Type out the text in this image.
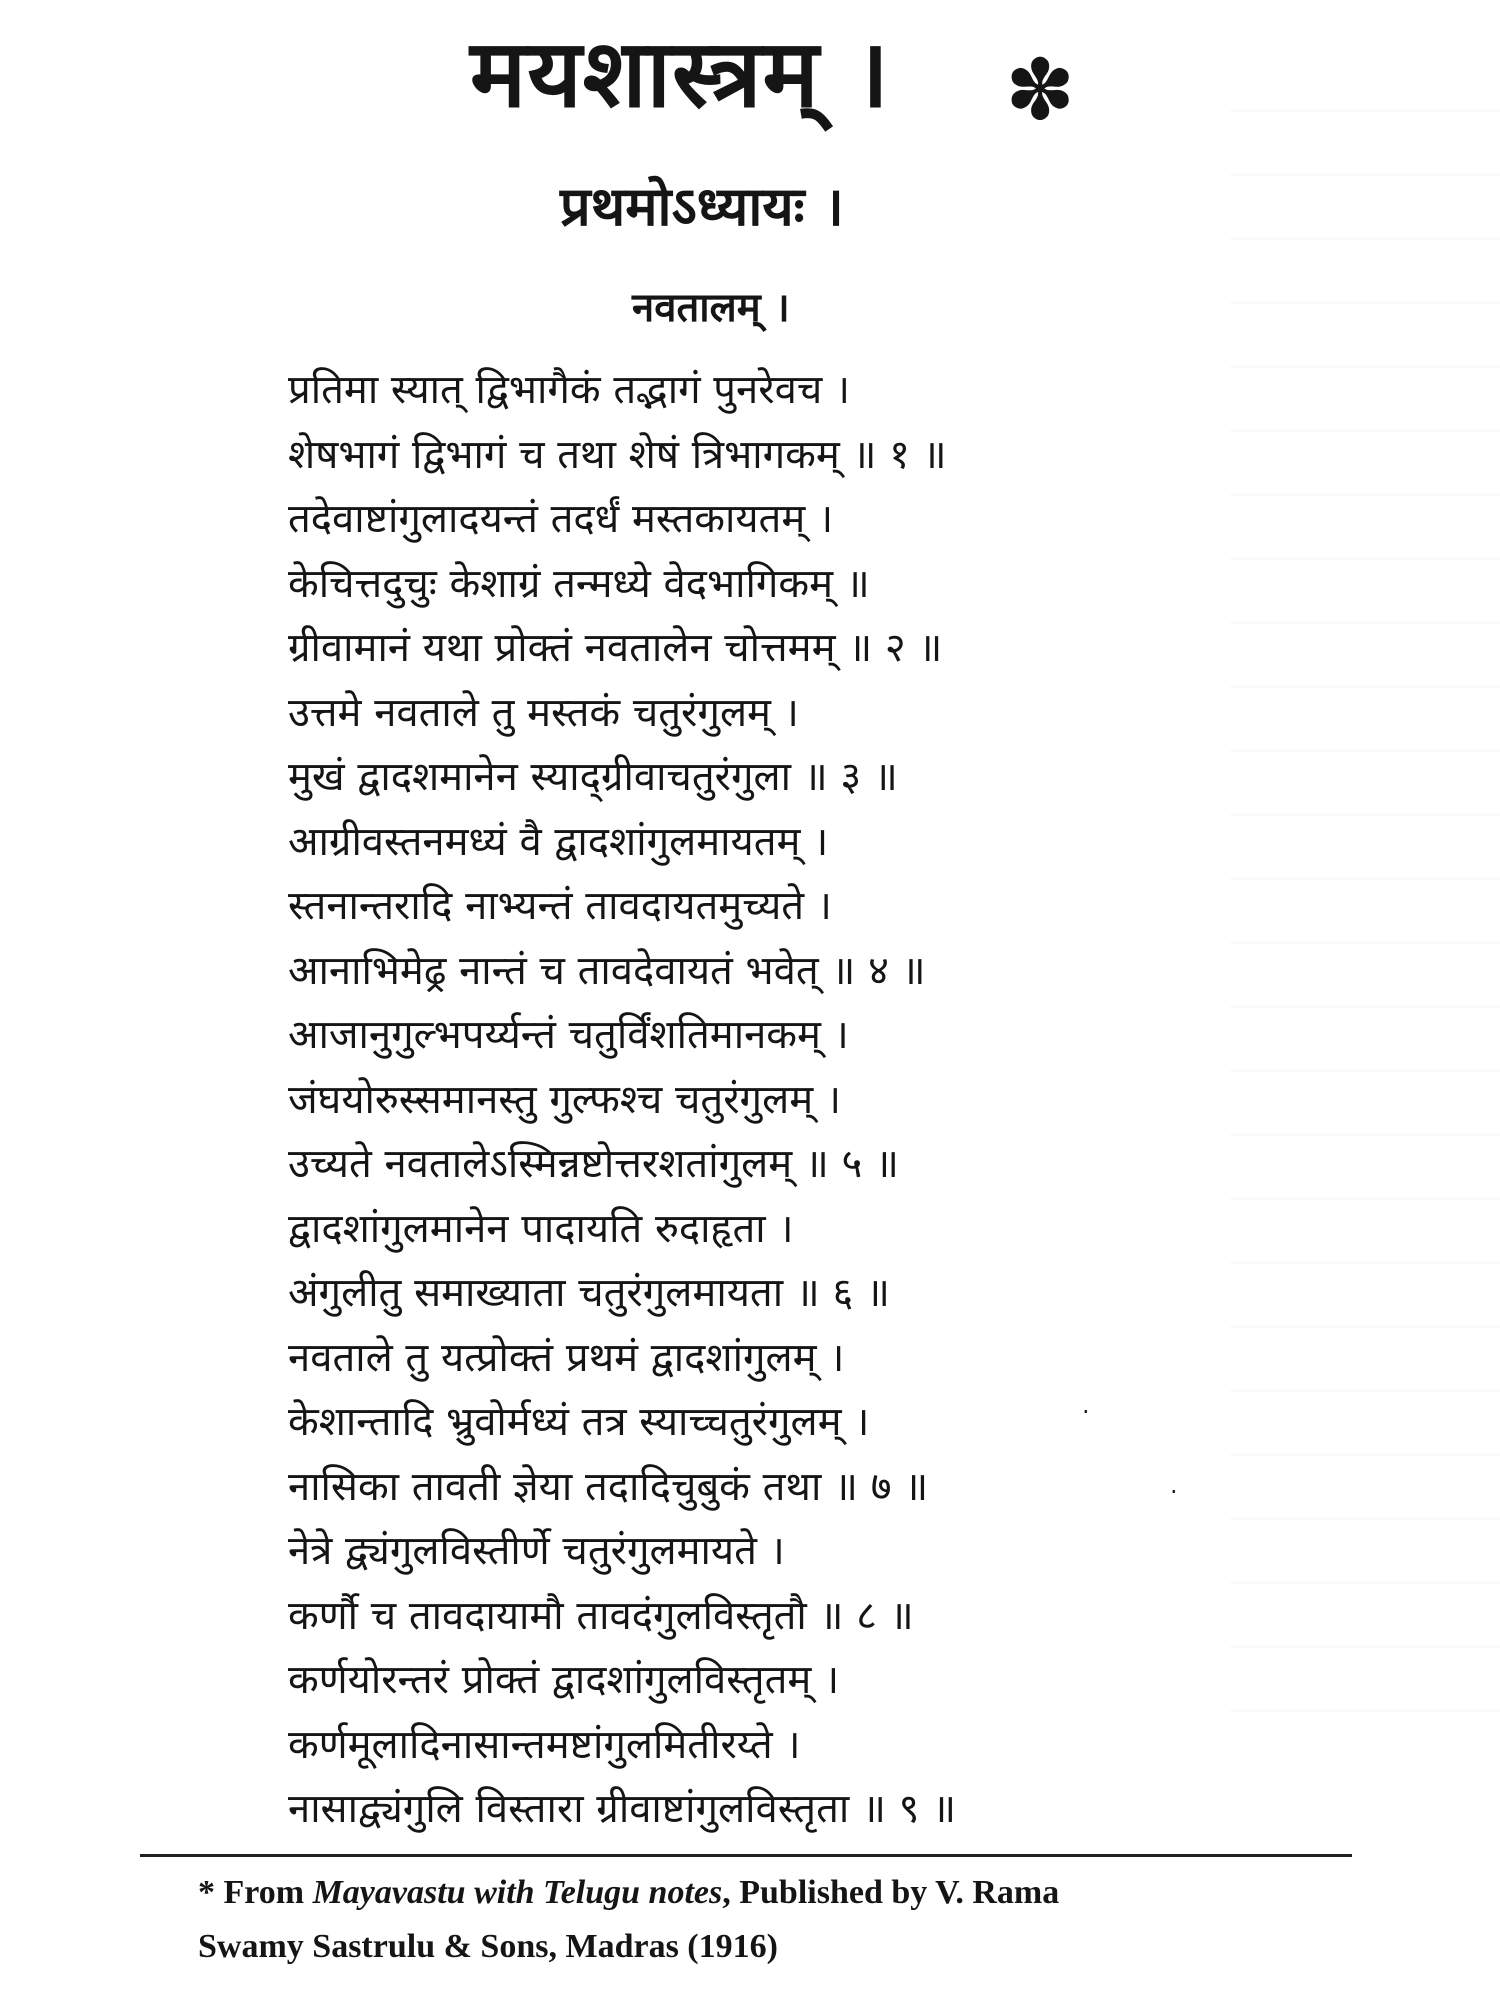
मयशास्त्रम् । ✽
प्रथमोऽध्यायः ।
नवतालम् ।
प्रतिमा स्यात् द्विभागैकं तद्भागं पुनरेवच ।
शेषभागं द्विभागं च तथा शेषं त्रिभागकम् ॥ १ ॥
तदेवाष्टांगुलादयन्तं तदर्धं मस्तकायतम् ।
केचित्तदुचुः केशाग्रं तन्मध्ये वेदभागिकम् ॥
ग्रीवामानं यथा प्रोक्तं नवतालेन चोत्तमम् ॥ २ ॥
उत्तमे नवताले तु मस्तकं चतुरंगुलम् ।
मुखं द्वादशमानेन स्याद्ग्रीवाचतुरंगुला ॥ ३ ॥
आग्रीवस्तनमध्यं वै द्वादशांगुलमायतम् ।
स्तनान्तरादि नाभ्यन्तं तावदायतमुच्यते ।
आनाभिमेढ्र नान्तं च तावदेवायतं भवेत् ॥ ४ ॥
आजानुगुल्भपर्य्यन्तं चतुर्विंशतिमानकम् ।
जंघयोरुस्समानस्तु गुल्फश्च चतुरंगुलम् ।
उच्यते नवतालेऽस्मिन्नष्टोत्तरशतांगुलम् ॥ ५ ॥
द्वादशांगुलमानेन पादायति रुदाहृता ।
अंगुलीतु समाख्याता चतुरंगुलमायता ॥ ६ ॥
नवताले तु यत्प्रोक्तं प्रथमं द्वादशांगुलम् ।
केशान्तादि भ्रुवोर्मध्यं तत्र स्याच्चतुरंगुलम् ।
नासिका तावती ज्ञेया तदादिचुबुकं तथा ॥ ७ ॥
नेत्रे द्व्यंगुलविस्तीर्णे चतुरंगुलमायते ।
कर्णौ च तावदायामौ तावदंगुलविस्तृतौ ॥ ८ ॥
कर्णयोरन्तरं प्रोक्तं द्वादशांगुलविस्तृतम् ।
कर्णमूलादिनासान्तमष्टांगुलमितीरय्ते ।
नासाद्व्यंगुलि विस्तारा ग्रीवाष्टांगुलविस्तृता ॥ ९ ॥
·
·
* From Mayavastu with Telugu notes, Published by V. Rama
Swamy Sastrulu & Sons, Madras (1916)
